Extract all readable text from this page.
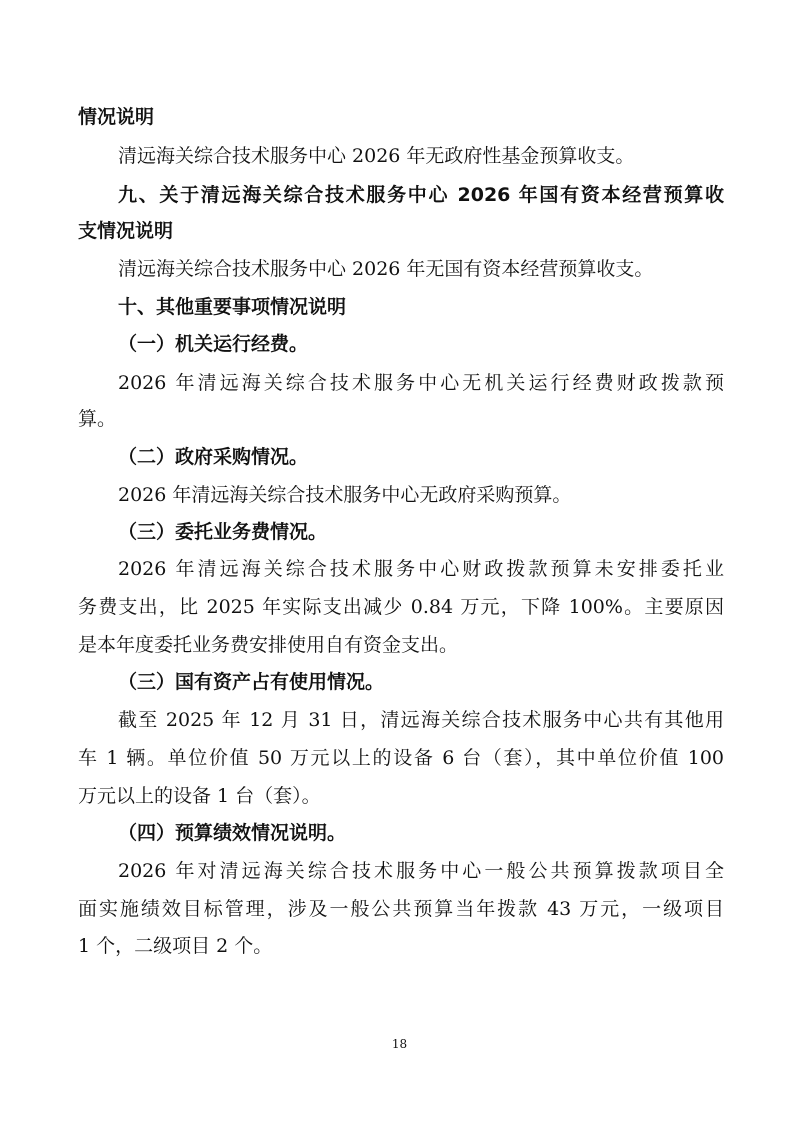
情况说明
清远海关综合技术服务中心 2026 年无政府性基金预算收支。
九、关于清远海关综合技术服务中心 2026 年国有资本经营预算收
支情况说明
清远海关综合技术服务中心 2026 年无国有资本经营预算收支。
十、其他重要事项情况说明
（一）机关运行经费。
2026 年清远海关综合技术服务中心无机关运行经费财政拨款预
算。
（二）政府采购情况。
2026 年清远海关综合技术服务中心无政府采购预算。
（三）委托业务费情况。
2026 年清远海关综合技术服务中心财政拨款预算未安排委托业
务费支出，比 2025 年实际支出减少 0.84 万元，下降 100%。主要原因
是本年度委托业务费安排使用自有资金支出。
（三）国有资产占有使用情况。
截至 2025 年 12 月 31 日，清远海关综合技术服务中心共有其他用
车 1 辆。单位价值 50 万元以上的设备 6 台（套），其中单位价值 100
万元以上的设备 1 台（套）。
（四）预算绩效情况说明。
2026 年对清远海关综合技术服务中心一般公共预算拨款项目全
面实施绩效目标管理，涉及一般公共预算当年拨款 43 万元，一级项目
1 个，二级项目 2 个。
18
